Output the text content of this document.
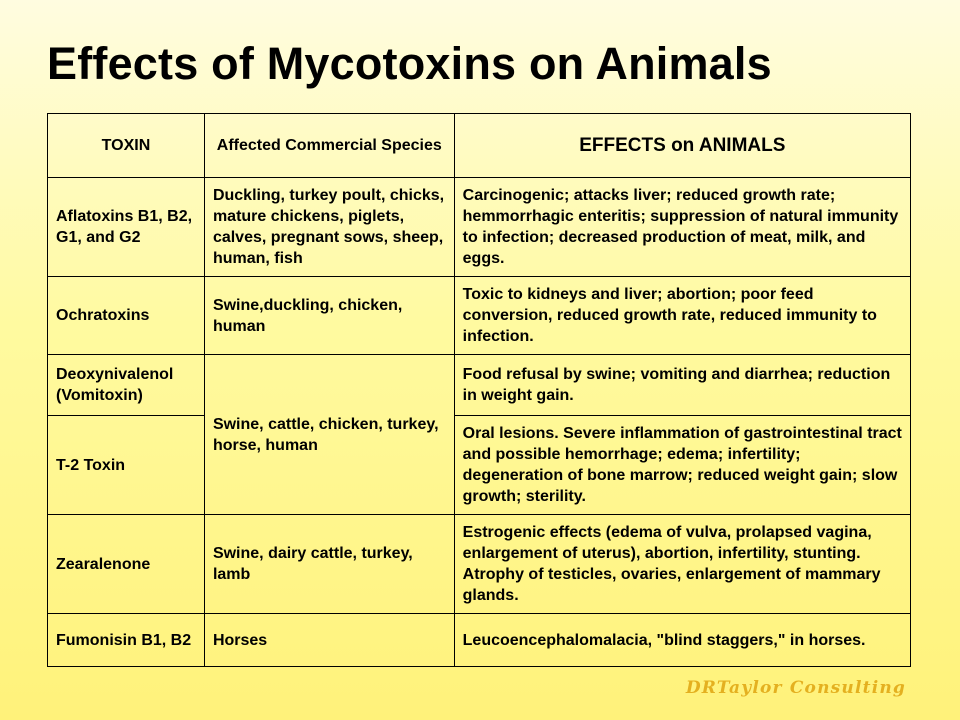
Effects of Mycotoxins on Animals
TOXIN	Affected Commercial Species	EFFECTS on ANIMALS
Aflatoxins B1, B2, G1, and G2	Duckling, turkey poult, chicks, mature chickens, piglets, calves, pregnant sows, sheep, human, fish	Carcinogenic; attacks liver; reduced growth rate; hemmorrhagic enteritis; suppression of natural immunity to infection; decreased production of meat, milk, and eggs.
Ochratoxins	Swine,duckling, chicken, human	Toxic to kidneys and liver; abortion; poor feed conversion, reduced growth rate, reduced immunity to infection.
Deoxynivalenol (Vomitoxin)	Swine, cattle, chicken, turkey, horse, human	Food refusal by swine; vomiting and diarrhea; reduction in weight gain.
T-2 Toxin		Oral lesions. Severe inflammation of gastrointestinal tract and possible hemorrhage; edema; infertility; degeneration of bone marrow; reduced weight gain; slow growth; sterility.
Zearalenone	Swine, dairy cattle, turkey, lamb	Estrogenic effects (edema of vulva, prolapsed vagina, enlargement of uterus), abortion, infertility, stunting. Atrophy of testicles, ovaries, enlargement of mammary glands.
Fumonisin B1, B2	Horses	Leucoencephalomalacia, "blind staggers," in horses.
DRTaylor Consulting
